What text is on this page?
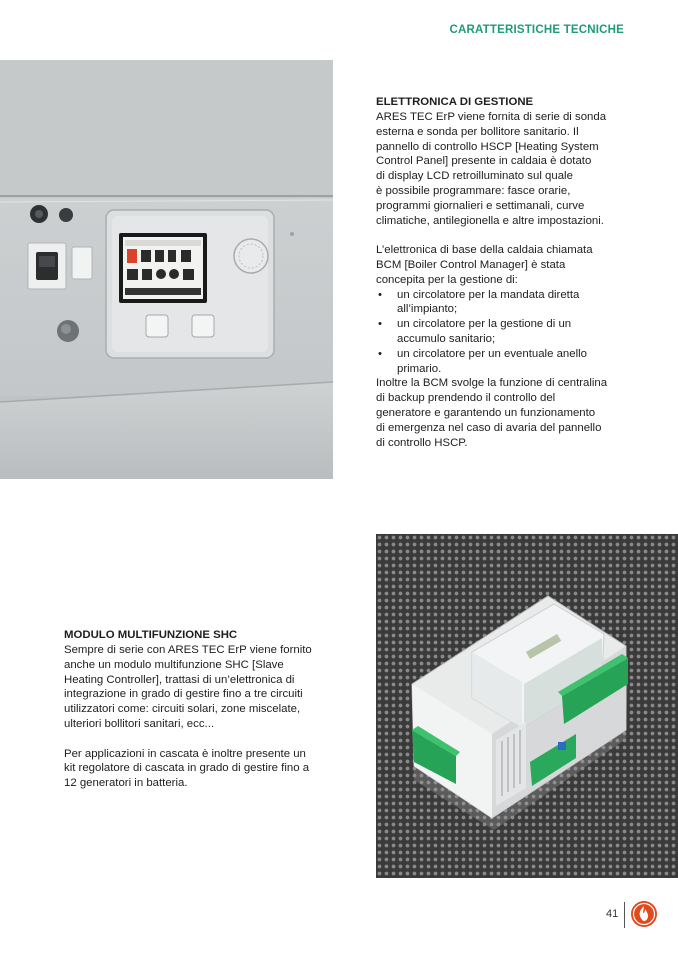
CARATTERISTICHE TECNICHE
ELETTRONICA DI GESTIONE

ARES TEC ErP viene fornita di serie di sonda
esterna e sonda per bollitore sanitario. Il
pannello di controllo HSCP [Heating System
Control Panel] presente in caldaia è dotato
di display LCD retroilluminato sul quale
è possibile programmare: fasce orarie,
programmi giornalieri e settimanali, curve
climatiche, antilegionella e altre impostazioni.

L’elettronica di base della caldaia chiamata
BCM [Boiler Control Manager] è stata
concepita per la gestione di:

• un circolatore per la mandata diretta
all’impianto;
• un circolatore per la gestione di un
accumulo sanitario;
• un circolatore per un eventuale anello
primario.

Inoltre la BCM svolge la funzione di centralina
di backup prendendo il controllo del
generatore e garantendo un funzionamento
di emergenza nel caso di avaria del pannello
di controllo HSCP.

MODULO MULTIFUNZIONE SHC

Sempre di serie con ARES TEC ErP viene fornito
anche un modulo multifunzione SHC [Slave
Heating Controller], trattasi di un’elettronica di
integrazione in grado di gestire fino a tre circuiti
utilizzatori come: circuiti solari, zone miscelate,
ulteriori bollitori sanitari, ecc...

Per applicazioni in cascata è inoltre presente un
kit regolatore di cascata in grado di gestire fino a
12 generatori in batteria.

41
